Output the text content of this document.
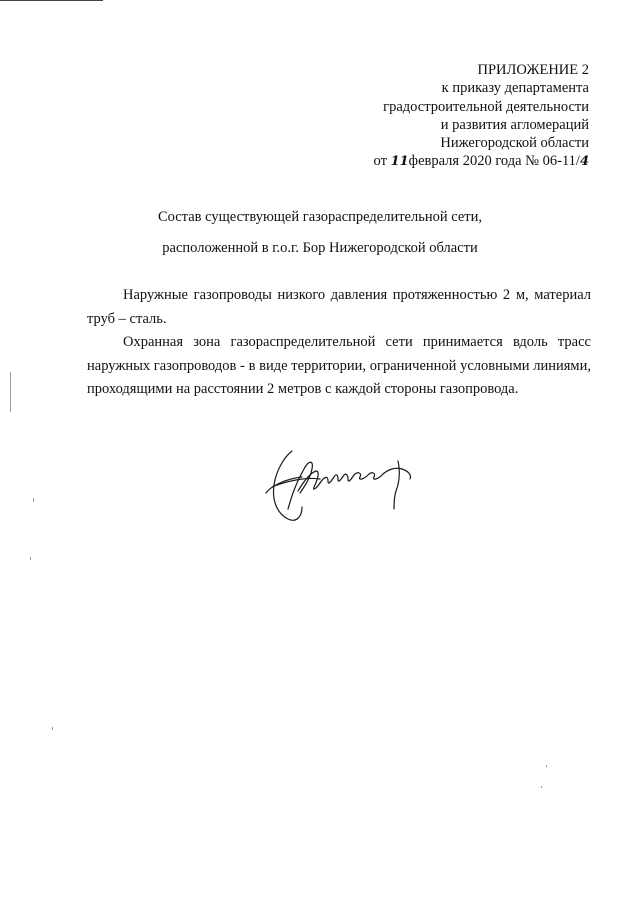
ПРИЛОЖЕНИЕ 2
к приказу департамента
градостроительной деятельности
и развития агломераций
Нижегородской области
от 11февраля 2020 года № 06-11/4
Состав существующей газораспределительной сети,
расположенной в г.о.г. Бор Нижегородской области

Наружные газопроводы низкого давления протяженностью 2 м, материал труб – сталь.

Охранная зона газораспределительной сети принимается вдоль трасс наружных газопроводов - в виде территории, ограниченной условными линиями, проходящими на расстоянии 2 метров с каждой стороны газопровода.
